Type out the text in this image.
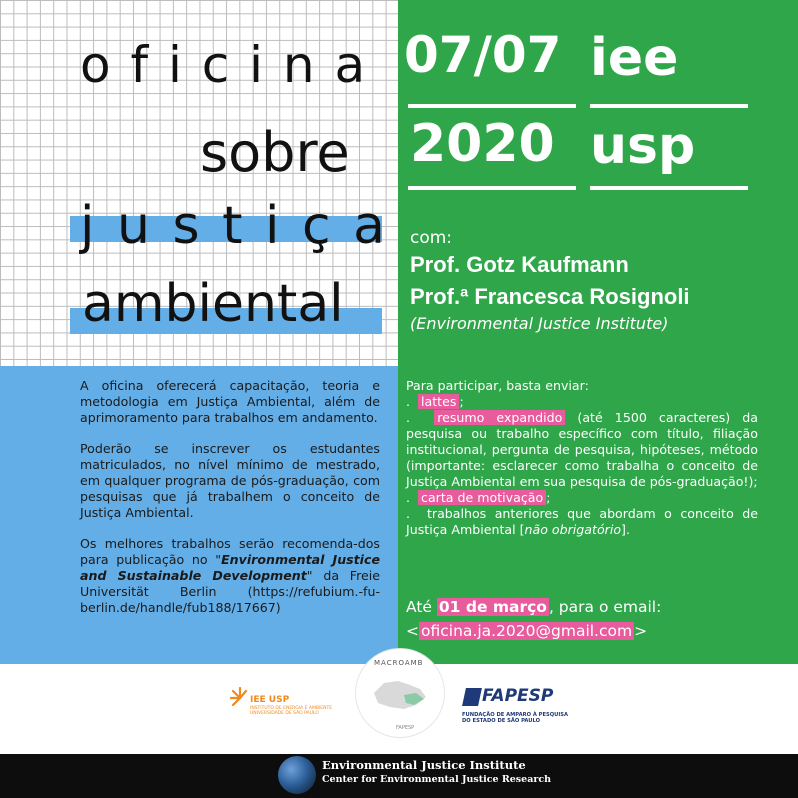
o f i c i n a
sobre
j u s t i ç a
ambiental
07/07 iee
2020 usp
com:
Prof. Gotz Kaufmann
Prof.ª Francesca Rosignoli
(Environmental Justice Institute)

A oficina oferecerá capacitação, teoria e metodologia em Justiça Ambiental, além de aprimoramento para trabalhos em andamento.

Poderão se inscrever os estudantes matriculados, no nível mínimo de mestrado, em qualquer programa de pós-graduação, com pesquisas que já trabalhem o conceito de Justiça Ambiental.

Os melhores trabalhos serão recomenda-dos para publicação no "Environmental Justice and Sustainable Development" da Freie Universität Berlin (https://refubium.-fu-berlin.de/handle/fub188/17667)

Para participar, basta enviar:
. lattes ;

. resumo expandido (até 1500 caracteres) da pesquisa ou trabalho específico com título, filiação institucional, pergunta de pesquisa, hipóteses, método (importante: esclarecer como trabalha o conceito de Justiça Ambiental em sua pesquisa de pós-graduação!);

. carta de motivação ;

. trabalhos anteriores que abordam o conceito de Justiça Ambiental [não obrigatório].

Até 01 de março , para o email:
< oficina.ja.2020@gmail.com >
IEE USP
INSTITUTO DE ENERGIA E AMBIENTE UNIVERSIDADE DE SÃO PAULO
MACROAMB
FAPESP
FAPESP
FUNDAÇÃO DE AMPARO À PESQUISA DO ESTADO DE SÃO PAULO
Environmental Justice Institute
Center for Environmental Justice Research
